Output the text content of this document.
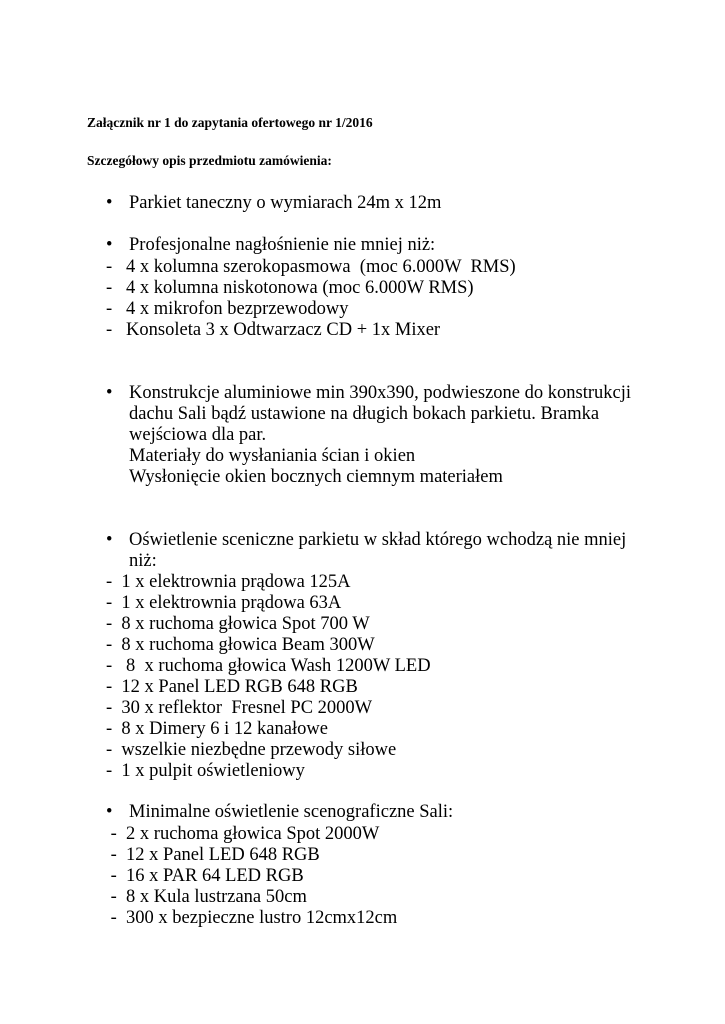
Załącznik nr 1 do zapytania ofertowego nr 1/2016
Szczegółowy opis przedmiotu zamówienia:
• Parkiet taneczny o wymiarach 24m x 12m
• Profesjonalne nagłośnienie nie mniej niż:
-   4 x kolumna szerokopasmowa  (moc 6.000W  RMS)
-   4 x kolumna niskotonowa (moc 6.000W RMS)
-   4 x mikrofon bezprzewodowy
-   Konsoleta 3 x Odtwarzacz CD + 1x Mixer
• Konstrukcje aluminiowe min 390x390, podwieszone do konstrukcji
dachu Sali bądź ustawione na długich bokach parkietu. Bramka
wejściowa dla par.
Materiały do wysłaniania ścian i okien
Wysłonięcie okien bocznych ciemnym materiałem
• Oświetlenie sceniczne parkietu w skład którego wchodzą nie mniej
niż:
-  1 x elektrownia prądowa 125A
-  1 x elektrownia prądowa 63A
-  8 x ruchoma głowica Spot 700 W
-  8 x ruchoma głowica Beam 300W
-   8  x ruchoma głowica Wash 1200W LED
-  12 x Panel LED RGB 648 RGB
-  30 x reflektor  Fresnel PC 2000W
-  8 x Dimery 6 i 12 kanałowe
-  wszelkie niezbędne przewody siłowe
-  1 x pulpit oświetleniowy
• Minimalne oświetlenie scenograficzne Sali:
-  2 x ruchoma głowica Spot 2000W
-  12 x Panel LED 648 RGB
-  16 x PAR 64 LED RGB
-  8 x Kula lustrzana 50cm
-  300 x bezpieczne lustro 12cmx12cm
